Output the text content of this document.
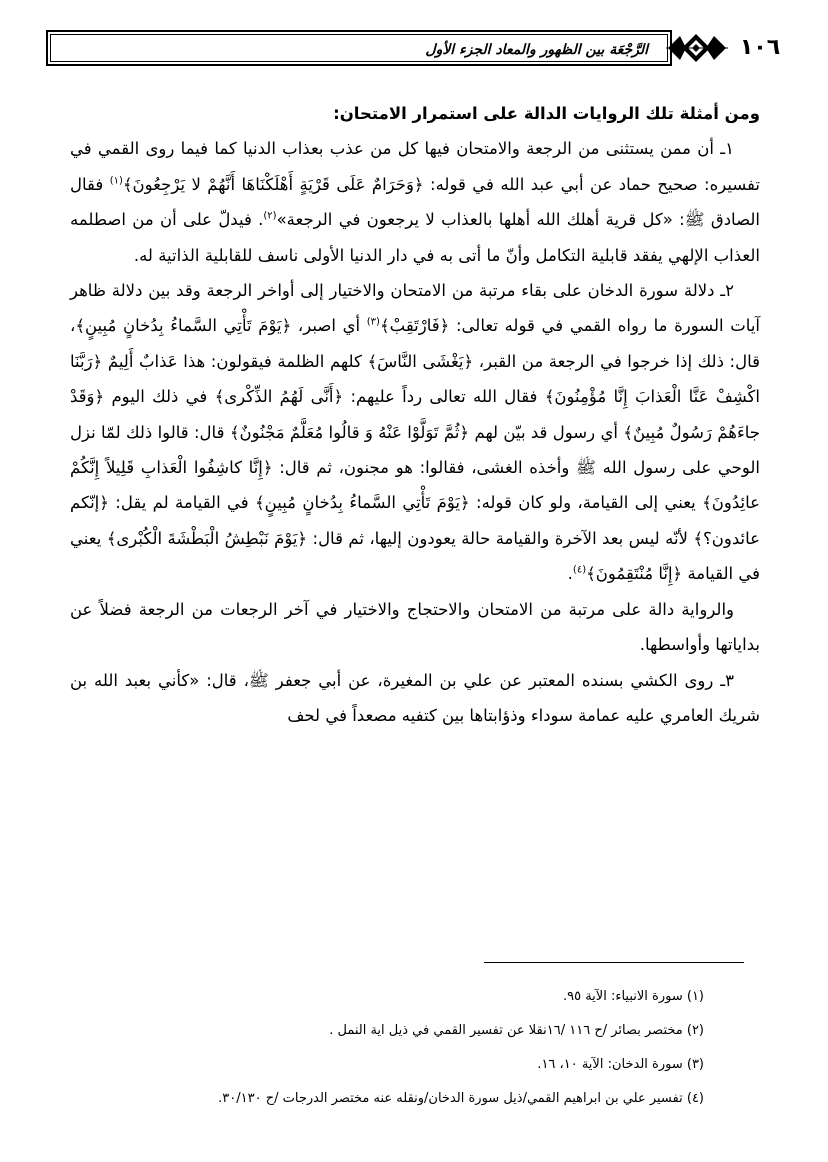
الرَّجْعَة بين الظهور والمعاد الجزء الأول	١٠٦

ومن أمثلة تلك الروايات الدالة على استمرار الامتحان:

١ـ أن ممن يستثنى من الرجعة والامتحان فيها كل من عذب بعذاب الدنيا كما فيما روى القمي في تفسيره: صحيح حماد عن أبي عبد الله في قوله: ﴿وَحَرَامٌ عَلَى قَرْيَةٍ أَهْلَكْنَاهَا أَنَّهُمْ لا يَرْجِعُونَ﴾$^{(١)}$ فقال الصادق ﷺ: «كل قرية أهلك الله أهلها بالعذاب لا يرجعون في الرجعة»$^{(٢)}$. فيدلّ على أن من اصطلمه العذاب الإلهي يفقد قابلية التكامل وأنّ ما أتى به في دار الدنيا الأولى ناسف للقابلية الذاتية له.

٢ـ دلالة سورة الدخان على بقاء مرتبة من الامتحان والاختيار إلى أواخر الرجعة وقد بين دلالة ظاهر آيات السورة ما رواه القمي في قوله تعالى: ﴿فَارْتَقِبْ﴾$^{(٣)}$ أي اصبر، ﴿يَوْمَ تَأْتِي السَّماءُ بِدُخانٍ مُبِينٍ﴾، قال: ذلك إذا خرجوا في الرجعة من القبر، ﴿يَغْشَى النَّاسَ﴾ كلهم الظلمة فيقولون: هذا عَذابٌ أَلِيمٌ ﴿رَبَّنَا اكْشِفْ عَنَّا الْعَذابَ إِنَّا مُؤْمِنُونَ﴾ فقال الله تعالى رداً عليهم: ﴿أَنَّى لَهُمُ الذِّكْرى﴾ في ذلك اليوم ﴿وَقَدْ جاءَهُمْ رَسُولٌ مُبِينٌ﴾ أي رسول قد بيّن لهم ﴿ثُمَّ تَوَلَّوْا عَنْهُ وَ قالُوا مُعَلَّمٌ مَجْنُونٌ﴾ قال: قالوا ذلك لمّا نزل الوحي على رسول الله ﷺ وأخذه الغشى، فقالوا: هو مجنون، ثم قال: ﴿إِنَّا كاشِفُوا الْعَذابِ قَلِيلاً إِنَّكُمْ عائِدُونَ﴾ يعني إلى القيامة، ولو كان قوله: ﴿يَوْمَ تَأْتِي السَّماءُ بِدُخانٍ مُبِينٍ﴾ في القيامة لم يقل: ﴿إنّكم عائدون؟﴾ لأنّه ليس بعد الآخرة والقيامة حالة يعودون إليها، ثم قال: ﴿يَوْمَ نَبْطِشُ الْبَطْشَةَ الْكُبْرى﴾ يعني في القيامة ﴿إِنَّا مُنْتَقِمُونَ﴾$^{(٤)}$.

والرواية دالة على مرتبة من الامتحان والاحتجاج والاختيار في آخر الرجعات من الرجعة فضلاً عن بداياتها وأواسطها.

٣ـ روى الكشي بسنده المعتبر عن علي بن المغيرة، عن أبي جعفر ﷺ، قال: «كأني بعبد الله بن شريك العامري عليه عمامة سوداء وذؤابتاها بين كتفيه مصعداً في لحف

(١) سورة الانبياء: الآية ٩٥.
(٢) مختصر بصائر /ح ١١٦ /١٦نقلا عن تفسير القمي في ذيل اية النمل .
(٣) سورة الدخان: الآية ١٠، ١٦.
(٤) تفسير علي بن ابراهيم القمي/ذيل سورة الدخان/ونقله عنه مختصر الدرجات /ح ٣٠/١٣٠.
